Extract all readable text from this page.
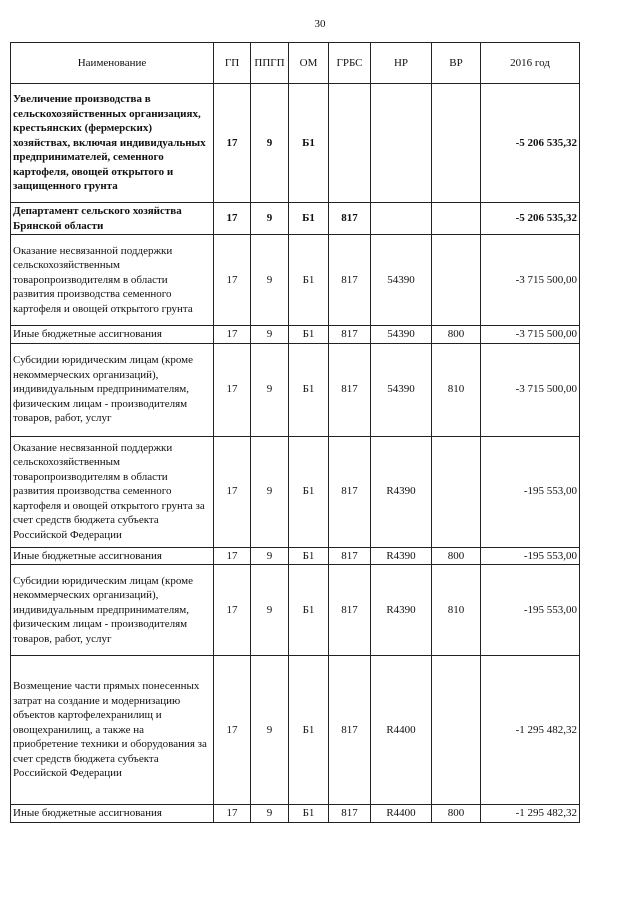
30
Наименование	ГП	ППГП	ОМ	ГРБС	НР	ВР	2016 год
Увеличение производства в сельскохозяйственных организациях, крестьянских (фермерских) хозяйствах, включая индивидуальных предпринимателей, семенного картофеля, овощей открытого и защищенного грунта	17	9	Б1				-5 206 535,32
Департамент сельского хозяйства Брянской области	17	9	Б1	817			-5 206 535,32
Оказание несвязанной поддержки сельскохозяйственным товаропроизводителям в области развития производства семенного картофеля и овощей открытого грунта	17	9	Б1	817	54390		-3 715 500,00
Иные бюджетные ассигнования	17	9	Б1	817	54390	800	-3 715 500,00
Субсидии юридическим лицам (кроме некоммерческих организаций), индивидуальным предпринимателям, физическим лицам - производителям товаров, работ, услуг	17	9	Б1	817	54390	810	-3 715 500,00
Оказание несвязанной поддержки сельскохозяйственным товаропроизводителям в области развития производства семенного картофеля и овощей открытого грунта за счет средств бюджета субъекта Российской Федерации	17	9	Б1	817	R4390		-195 553,00
Иные бюджетные ассигнования	17	9	Б1	817	R4390	800	-195 553,00
Субсидии юридическим лицам (кроме некоммерческих организаций), индивидуальным предпринимателям, физическим лицам - производителям товаров, работ, услуг	17	9	Б1	817	R4390	810	-195 553,00
Возмещение части прямых понесенных затрат на создание и модернизацию объектов картофелехранилищ и овощехранилищ, а также на приобретение техники и оборудования за счет средств бюджета субъекта Российской Федерации	17	9	Б1	817	R4400		-1 295 482,32
Иные бюджетные ассигнования	17	9	Б1	817	R4400	800	-1 295 482,32
